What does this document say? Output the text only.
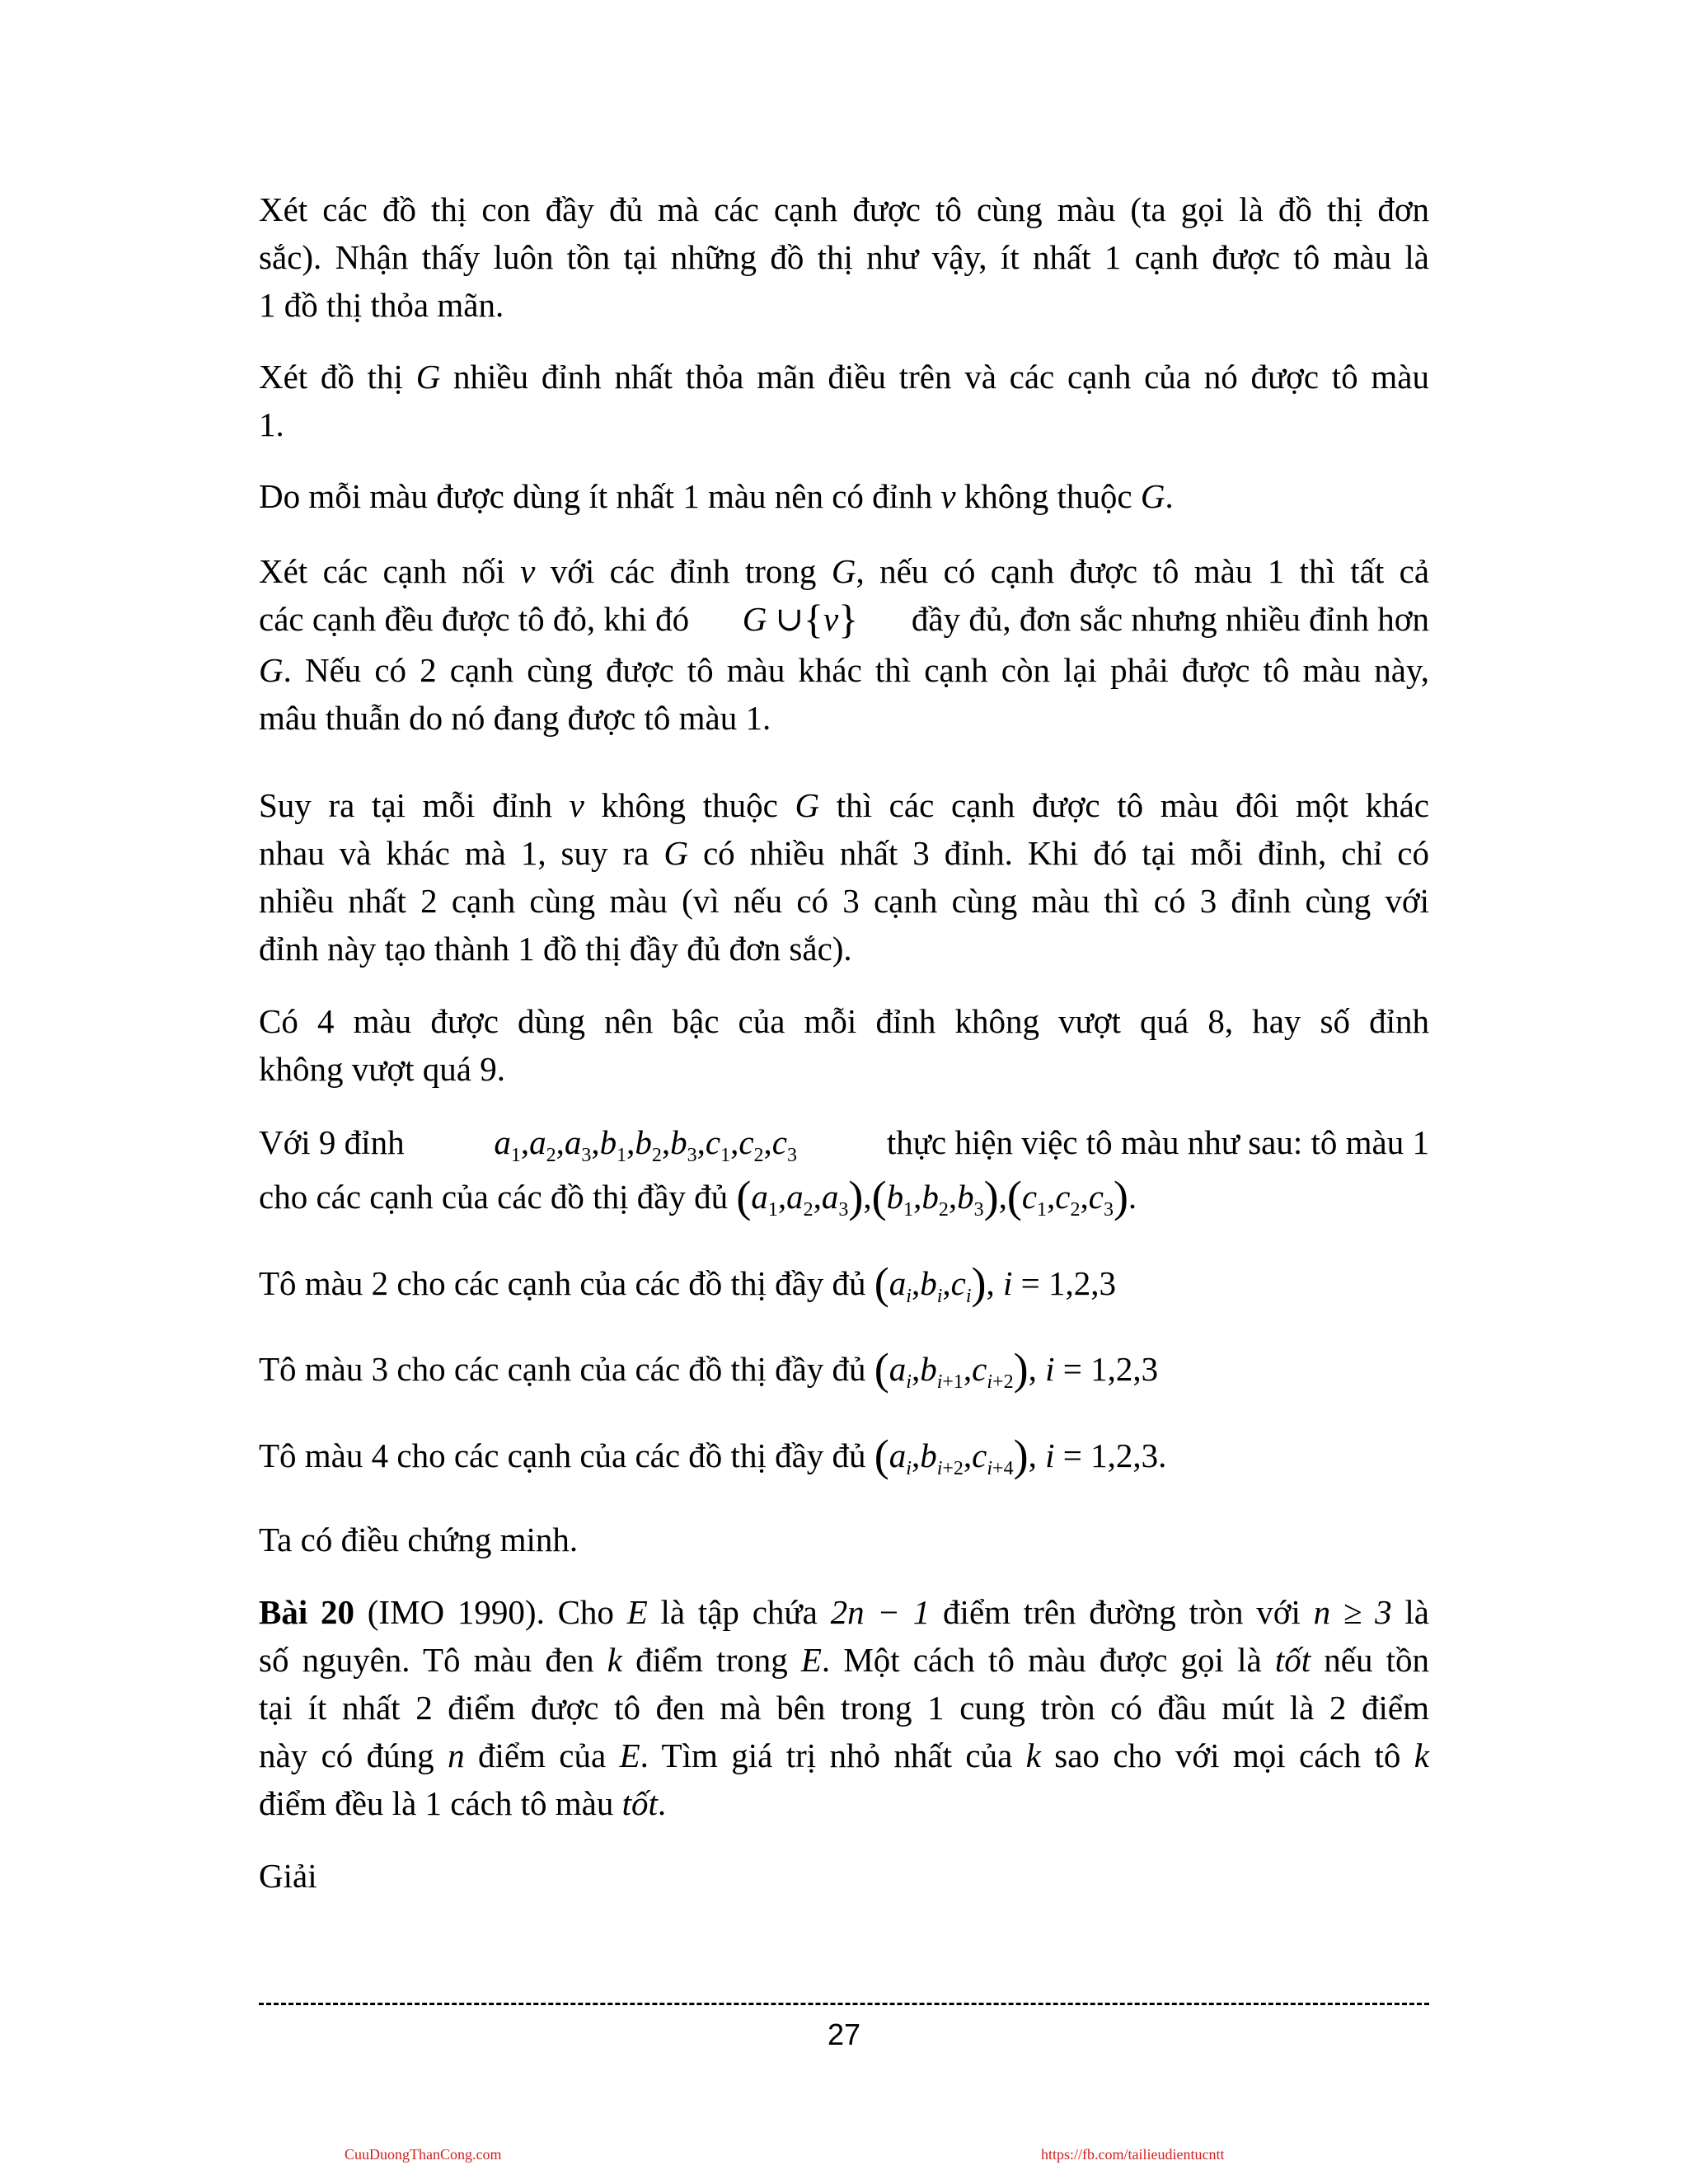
Xét các đồ thị con đầy đủ mà các cạnh được tô cùng màu (ta gọi là đồ thị đơn
sắc). Nhận thấy luôn tồn tại những đồ thị như vậy, ít nhất 1 cạnh được tô màu là
1 đồ thị thỏa mãn.
Xét đồ thị G nhiều đỉnh nhất thỏa mãn điều trên và các cạnh của nó được tô màu
1.
Do mỗi màu được dùng ít nhất 1 màu nên có đỉnh v không thuộc G.
Xét các cạnh nối v với các đỉnh trong G, nếu có cạnh được tô màu 1 thì tất cả
các cạnh đều được tô đỏ, khi đó G ∪{v} đầy đủ, đơn sắc nhưng nhiều đỉnh hơn
G. Nếu có 2 cạnh cùng được tô màu khác thì cạnh còn lại phải được tô màu này,
mâu thuẫn do nó đang được tô màu 1.
Suy ra tại mỗi đỉnh v không thuộc G thì các cạnh được tô màu đôi một khác
nhau và khác mà 1, suy ra G có nhiều nhất 3 đỉnh. Khi đó tại mỗi đỉnh, chỉ có
nhiều nhất 2 cạnh cùng màu (vì nếu có 3 cạnh cùng màu thì có 3 đỉnh cùng với
đỉnh này tạo thành 1 đồ thị đầy đủ đơn sắc).
Có 4 màu được dùng nên bậc của mỗi đỉnh không vượt quá 8, hay số đỉnh
không vượt quá 9.
Với 9 đỉnh	$a_1,a_2,a_3,b_1,b_2,b_3,c_1,c_2,c_3$	thực hiện việc tô màu như sau: tô màu 1
cho các cạnh của các đồ thị đầy đủ $(a_1,a_2,a_3),(b_1,b_2,b_3),(c_1,c_2,c_3)$.
Tô màu 2 cho các cạnh của các đồ thị đầy đủ $(a_i,b_i,c_i)$, i = 1,2,3
Tô màu 3 cho các cạnh của các đồ thị đầy đủ $(a_i,b_{i+1},c_{i+2})$, i = 1,2,3
Tô màu 4 cho các cạnh của các đồ thị đầy đủ $(a_i,b_{i+2},c_{i+4})$, i = 1,2,3.
Ta có điều chứng minh.
Bài 20 (IMO 1990). Cho E là tập chứa 2n − 1 điểm trên đường tròn với n ≥ 3 là
số nguyên. Tô màu đen k điểm trong E. Một cách tô màu được gọi là tốt nếu tồn
tại ít nhất 2 điểm được tô đen mà bên trong 1 cung tròn có đầu mút là 2 điểm
này có đúng n điểm của E. Tìm giá trị nhỏ nhất của k sao cho với mọi cách tô k
điểm đều là 1 cách tô màu tốt.
Giải
27
CuuDuongThanCong.com	https://fb.com/tailieudientucntt
